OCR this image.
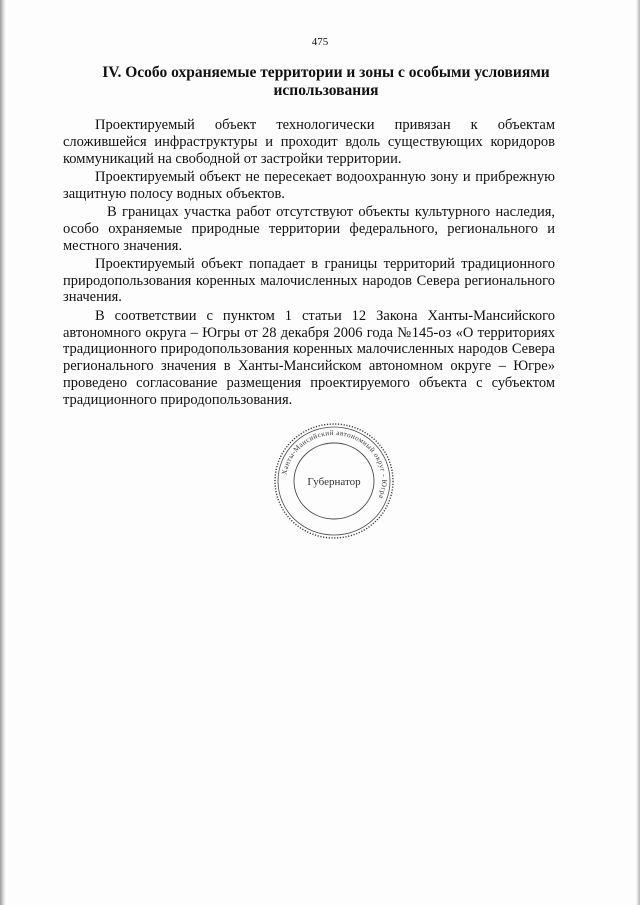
475
IV. Особо охраняемые территории и зоны с особыми условиями использования

Проектируемый объект технологически привязан к объектам сложившейся инфраструктуры и проходит вдоль существующих коридоров коммуникаций на свободной от застройки территории.

Проектируемый объект не пересекает водоохранную зону и прибрежную защитную полосу водных объектов.

В границах участка работ отсутствуют объекты культурного наследия, особо охраняемые природные территории федерального, регионального и местного значения.

Проектируемый объект попадает в границы территорий традиционного природопользования коренных малочисленных народов Севера регионального значения.

В соответствии с пунктом 1 статьи 12 Закона Ханты-Мансийского автономного округа – Югры от 28 декабря 2006 года №145-оз «О территориях традиционного природопользования коренных малочисленных народов Севера регионального значения в Ханты-Мансийском автономном округе – Югре» проведено согласование размещения проектируемого объекта с субъектом традиционного природопользования.

Ханты-Мансийский автономный округ - Югра
Губернатор
